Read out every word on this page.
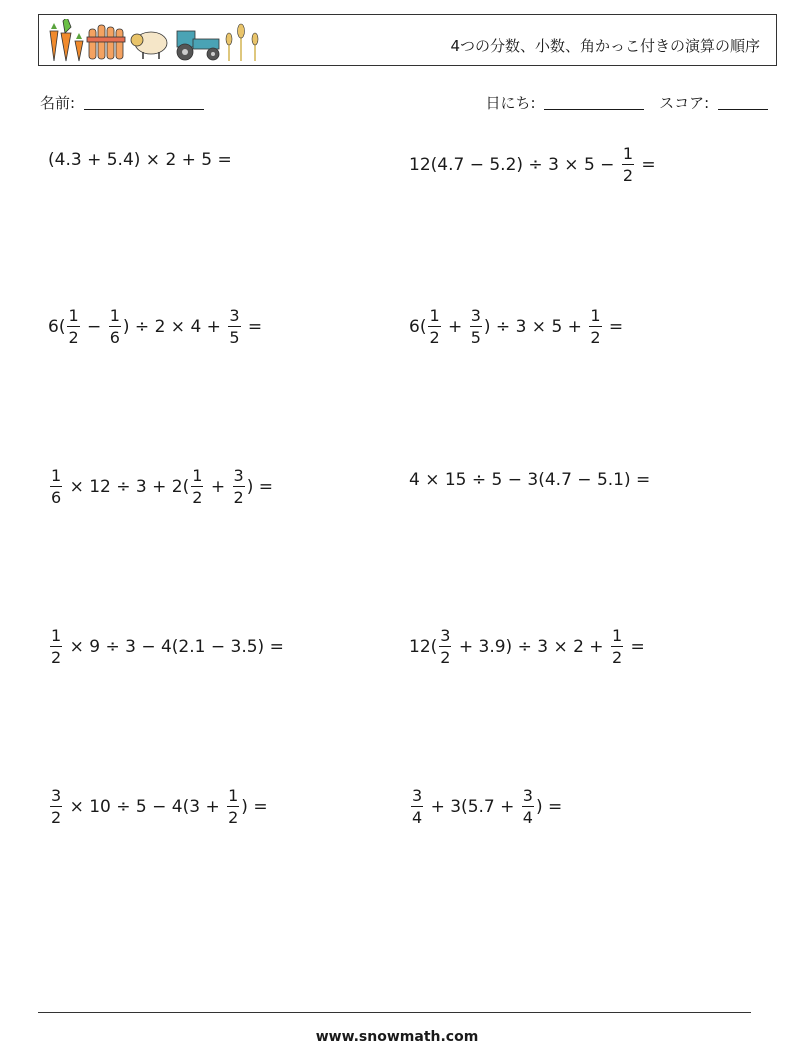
4つの分数、小数、角かっこ付きの演算の順序
名前:	日にち:	スコア:
(4.3 + 5.4) × 2 + 5 =	$12(4.7 - 5.2) \div 3 \times 5 - \frac{1}{2}$ =
$6( \frac{1}{2} - \frac{1}{6}$ ) ÷ $2 \times 4 + \frac{3}{5}$ =	$6( \frac{1}{2} + \frac{3}{5}$ ) ÷ $3 \times 5 + \frac{1}{2}$ =
$\frac{1}{6} \times 12 \div 3 + 2( \frac{1}{2} + \frac{3}{2}$ ) =	4 × 15 ÷ 5 − 3(4.7 − 5.1) =
$\frac{1}{2} \times 9 \div 3 - 4(2.1 - 3.5)$ =	$12( \frac{3}{2} + 3.9) \div 3 \times 2 + \frac{1}{2}$ =
$\frac{3}{2} \times 10 \div 5 - 4(3 + \frac{1}{2}$ ) =	$\frac{3}{4} + 3(5.7 + \frac{3}{4}$ ) =
www.snowmath.com
